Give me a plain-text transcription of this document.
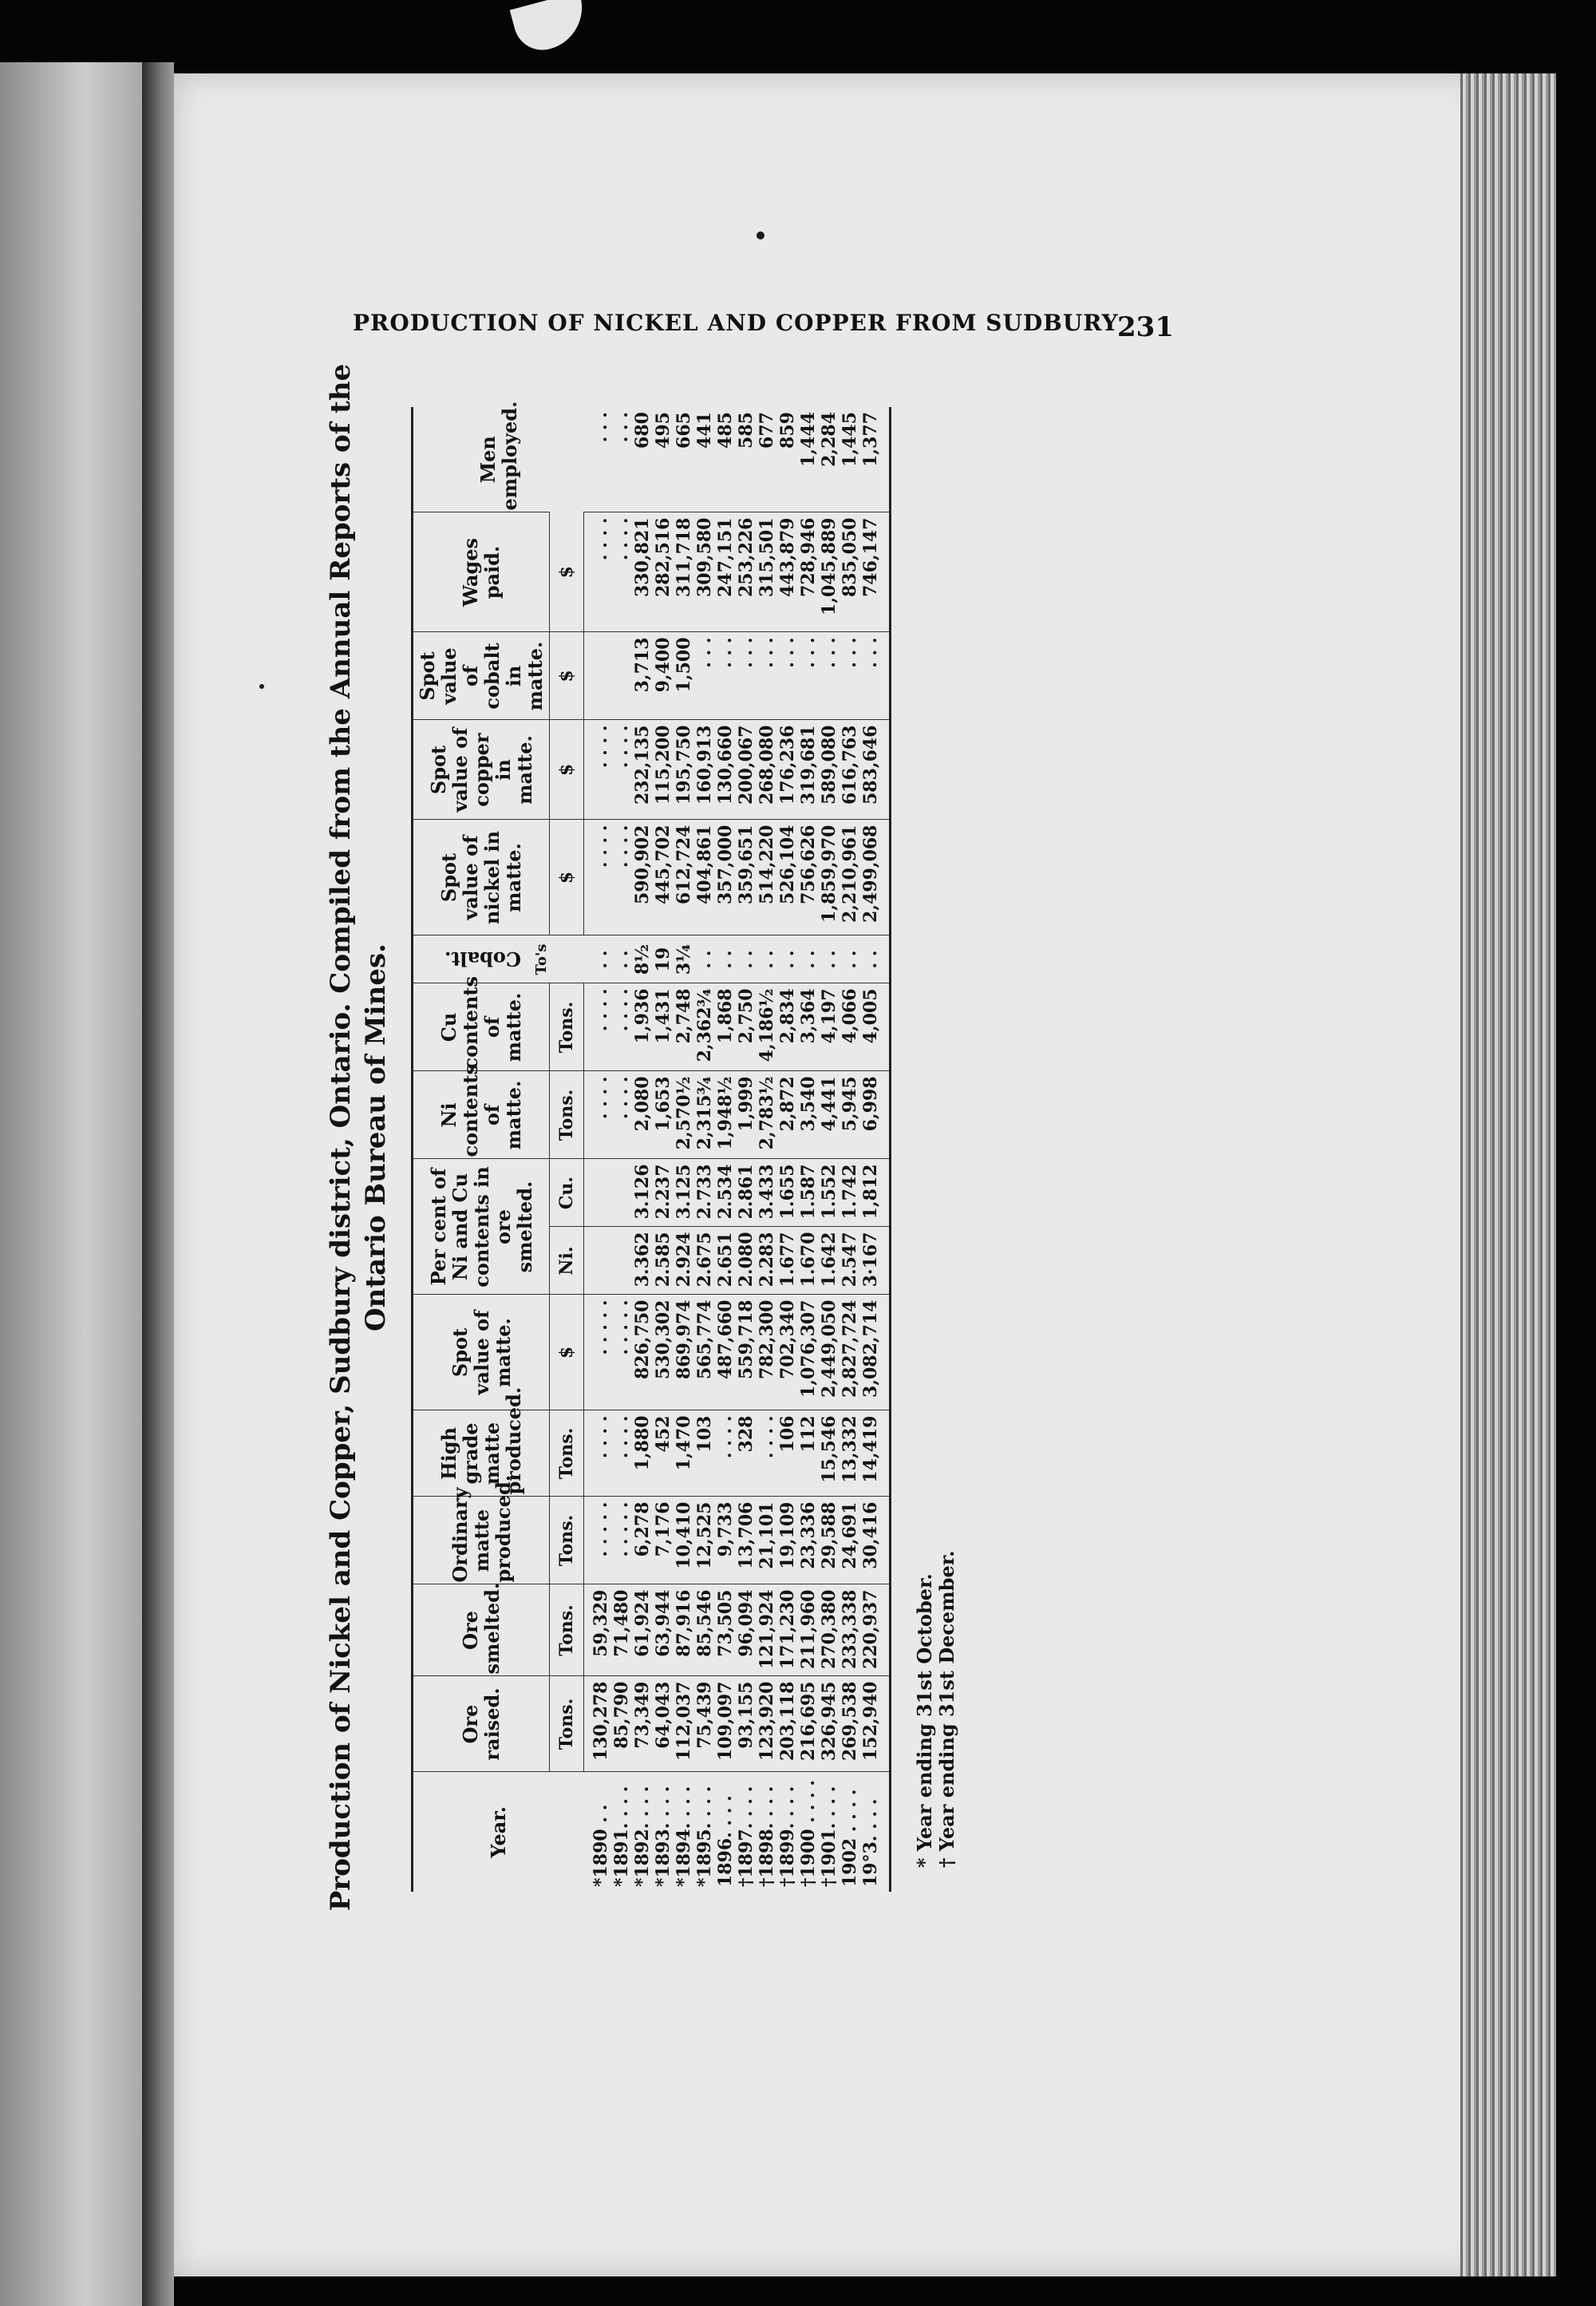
PRODUCTION OF NICKEL AND COPPER FROM SUDBURY
231
Production of Nickel and Copper, Sudbury district, Ontario. Compiled from the Annual Reports of the Ontario Bureau of Mines.
Year.	Ore raised.	Ore smelted.	Ordinary matte produced.	High grade matte produced.	Spot value of matte.	Per cent of Ni and Cu contents in ore smelted.		Ni contents of matte.	Cu contents of matte.	Cobalt. To's	Spot value of nickel in matte.	Spot value of copper in matte.	Spot value of cobalt in matte.	Wages paid.	Men employed.
	Tons.	Tons.	Tons.	Tons.	$	Ni.	Cu.	Tons.	Tons.		$	$	$	$	
*1890 . .	130,278	59,329	. . . . .	. . . .	. . . . .			. . . .	. . . .	. .	. . . .	. . . .		. . . .	. . .
*1891. . . .	85,790	71,480	. . . . .	. . . .	. . . . .			. . . .	. . . .	. .	. . . .	. . . .		. . . .	. . .
*1892. . . .	73,349	61,924	6,278	1,880	826,750	3.362	3.126	2,080	1,936	8½	590,902	232,135	3,713	330,821	680
*1893. . . .	64,043	63,944	7,176	452	530,302	2.585	2.237	1,653	1,431	19	445,702	115,200	9,400	282,516	495
*1894. . . .	112,037	87,916	10,410	1,470	869,974	2.924	3.125	2,570½	2,748	3¼	612,724	195,750	1,500	311,718	665
*1895. . . .	75,439	85,546	12,525	103	565,774	2.675	2.733	2,315¾	2,362¾	. .	404,861	160,913	. . .	309,580	441
1896. . . .	109,097	73,505	9,733	. . . .	487,660	2.651	2.534	1,948½	1,868	. .	357,000	130,660	. . .	247,151	485
†1897. . . .	93,155	96,094	13,706	328	559,718	2.080	2.861	1,999	2,750	. .	359,651	200,067	. . .	253,226	585
†1898. . . .	123,920	121,924	21,101	. . . .	782,300	2.283	3.433	2,783½	4,186½	. .	514,220	268,080	. . .	315,501	677
†1899. . . .	203,118	171,230	19,109	106	702,340	1.677	1.655	2,872	2,834	. .	526,104	176,236	. . .	443,879	859
†1900 . . . .	216,695	211,960	23,336	112	1,076,307	1.670	1.587	3,540	3,364	. .	756,626	319,681	. . .	728,946	1,444
†1901. . . .	326,945	270,380	29,588	15,546	2,449,050	1.642	1.552	4,441	4,197	. .	1,859,970	589,080	. . .	1,045,889	2,284
1902 . . . .	269,538	233,338	24,691	13,332	2,827,724	2.547	1.742	5,945	4,066	. .	2,210,961	616,763	. . .	835,050	1,445
19°3. . . .	152,940	220,937	30,416	14,419	3,082,714	3·167	1,812	6,998	4,005	. .	2,499,068	583,646	. . .	746,147	1,377
* Year ending 31st October. † Year ending 31st December.
